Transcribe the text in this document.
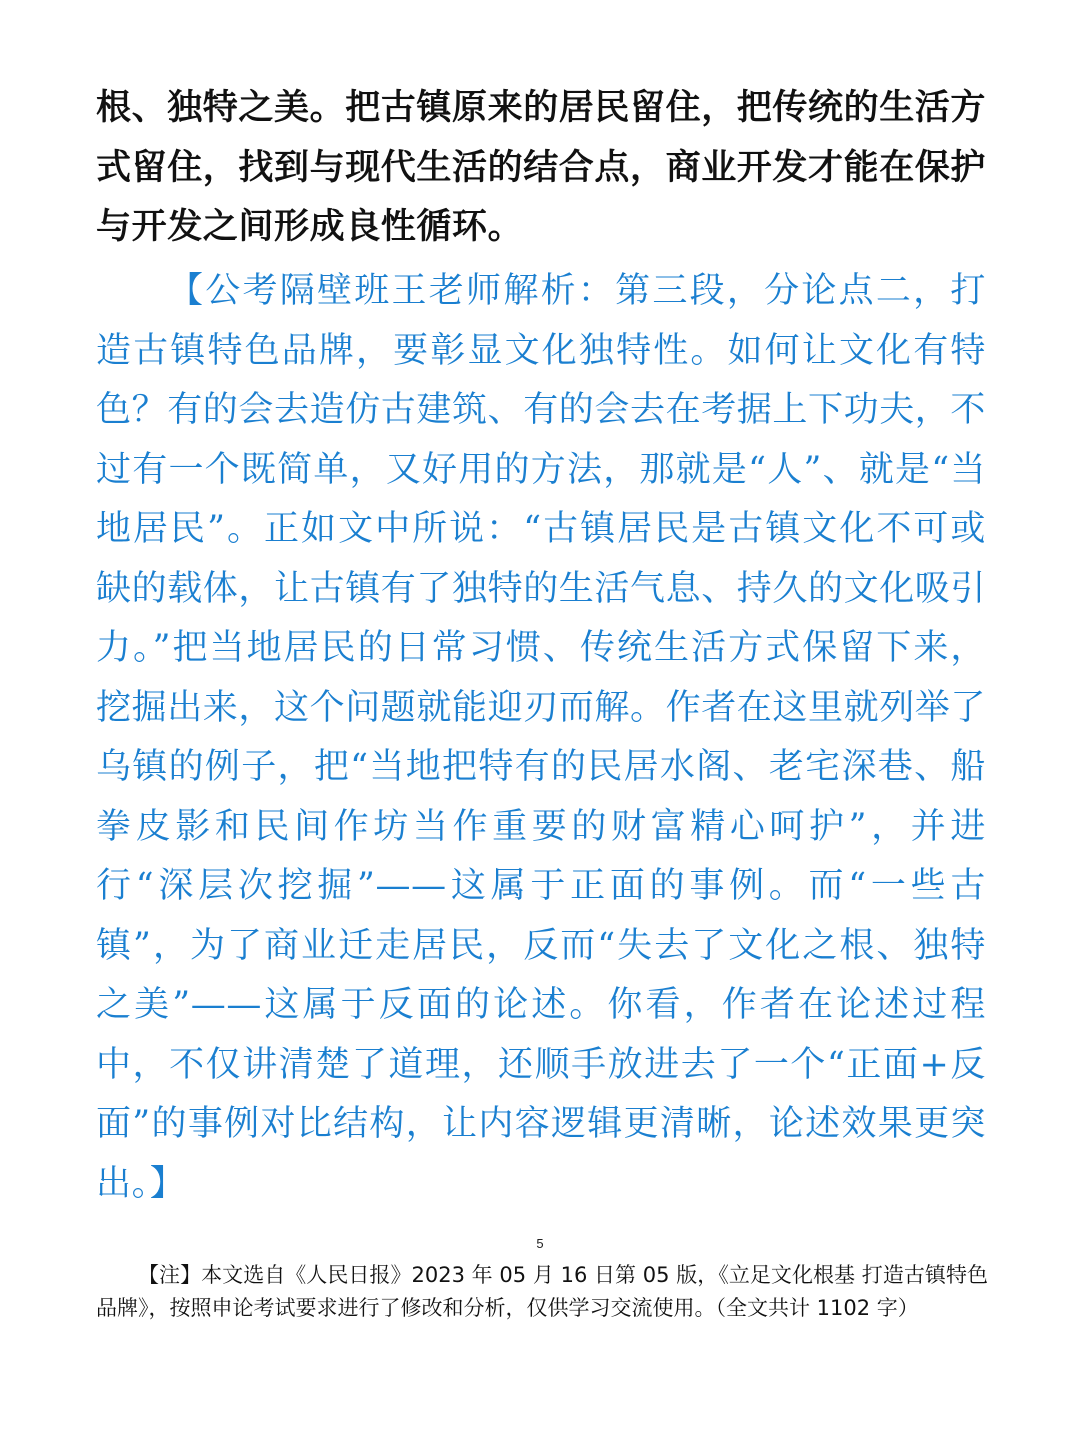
根、独特之美。把古镇原来的居民留住，把传统的生活方式留住，找到与现代生活的结合点，商业开发才能在保护与开发之间形成良性循环。

【公考隔壁班王老师解析：第三段，分论点二，打造古镇特色品牌，要彰显文化独特性。如何让文化有特色？有的会去造仿古建筑、有的会去在考据上下功夫，不过有一个既简单，又好用的方法，那就是“人”、就是“当地居民”。正如文中所说：“古镇居民是古镇文化不可或缺的载体，让古镇有了独特的生活气息、持久的文化吸引力。”把当地居民的日常习惯、传统生活方式保留下来，挖掘出来，这个问题就能迎刃而解。作者在这里就列举了乌镇的例子，把“当地把特有的民居水阁、老宅深巷、船拳皮影和民间作坊当作重要的财富精心呵护”，并进行“深层次挖掘”——这属于正面的事例。而“一些古镇”，为了商业迁走居民，反而“失去了文化之根、独特之美”——这属于反面的论述。你看，作者在论述过程中，不仅讲清楚了道理，还顺手放进去了一个“正面+反面”的事例对比结构，让内容逻辑更清晰，论述效果更突出。】

5

【注】本文选自《人民日报》2023 年 05 月 16 日第 05 版，《立足文化根基 打造古镇特色品牌》，按照申论考试要求进行了修改和分析，仅供学习交流使用。（全文共计 1102 字）
